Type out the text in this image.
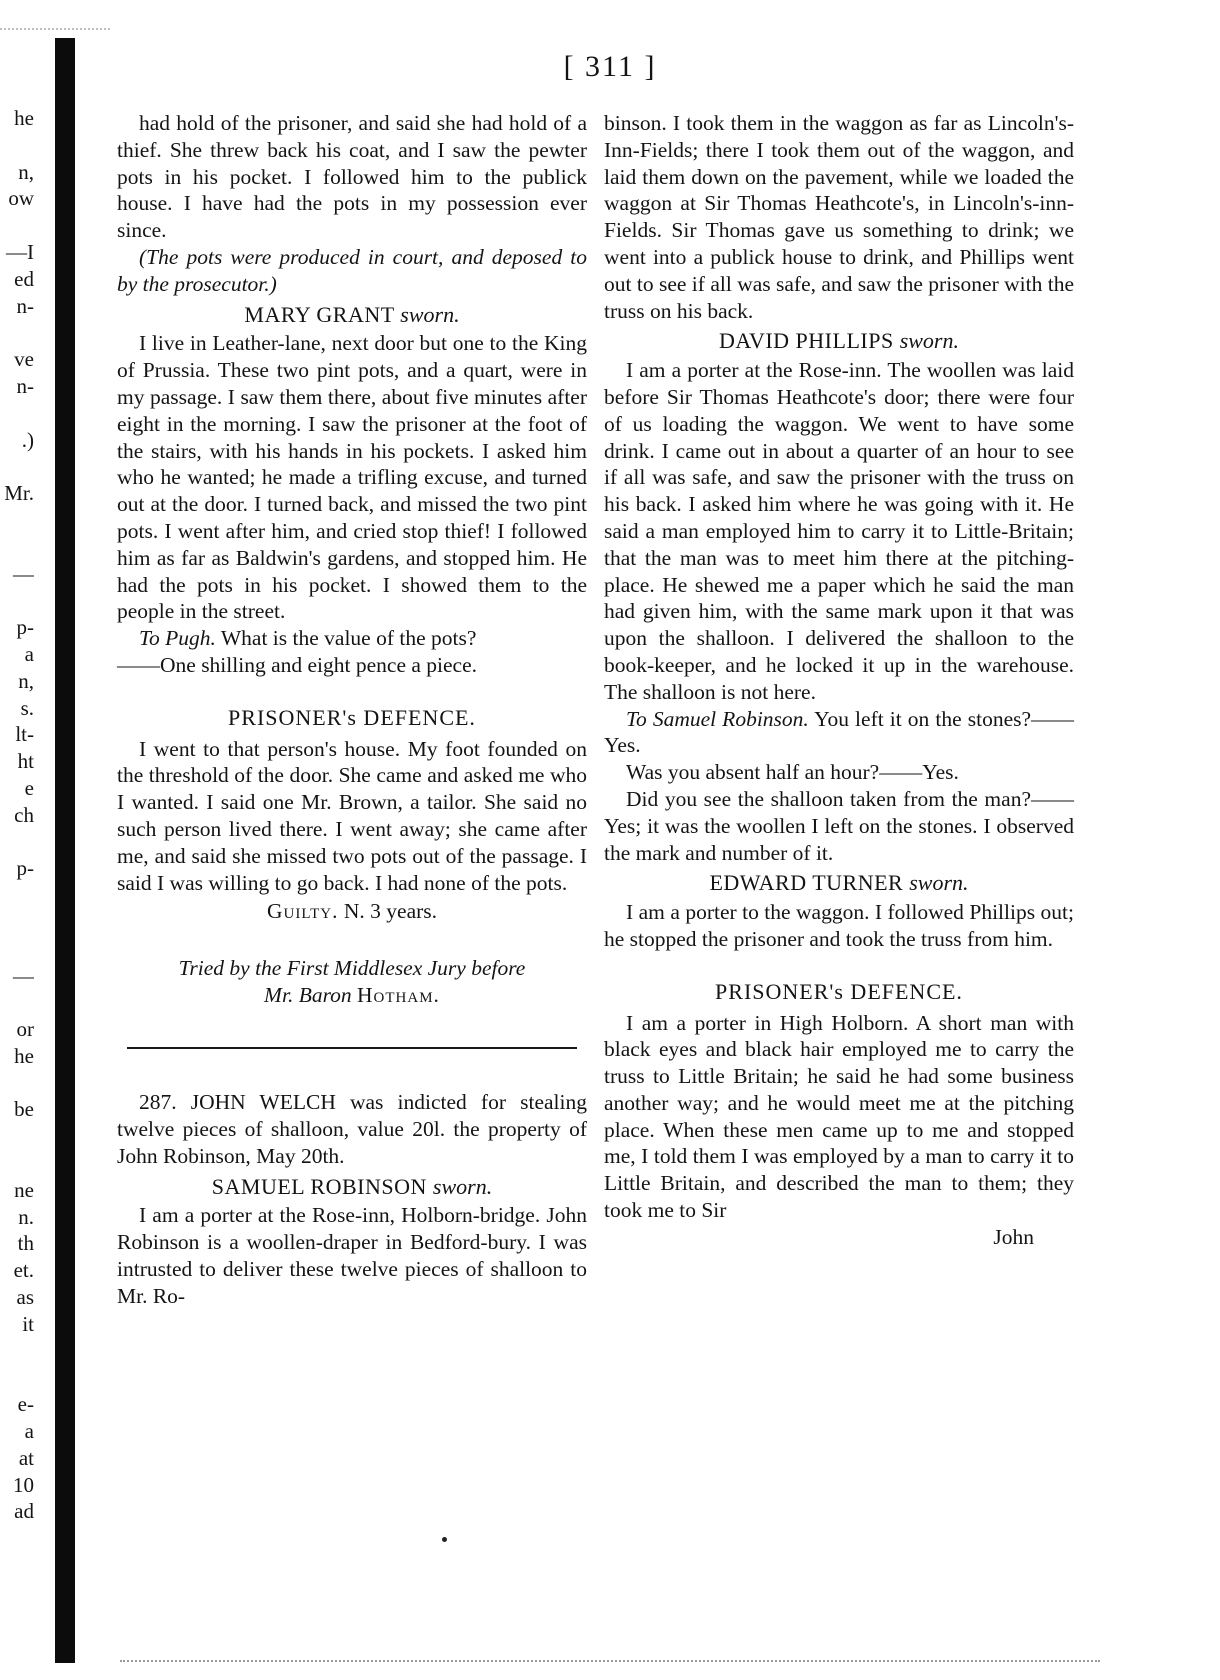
he
n,
ow
—I
ed
n-
ve
n-
.)
Mr.
—
p-
a
n,
s.
lt-
ht
e
ch
p-
—
or
he
be
ne
n.
th
et.
as
it
e-
a
at
10
ad
[ 311 ]

had hold of the prisoner, and said she had hold of a thief. She threw back his coat, and I saw the pewter pots in his pocket. I followed him to the publick house. I have had the pots in my possession ever since.

(The pots were produced in court, and deposed to by the prosecutor.)

MARY GRANT sworn.

I live in Leather-lane, next door but one to the King of Prussia. These two pint pots, and a quart, were in my passage. I saw them there, about five minutes after eight in the morning. I saw the prisoner at the foot of the stairs, with his hands in his pockets. I asked him who he wanted; he made a trifling excuse, and turned out at the door. I turned back, and missed the two pint pots. I went after him, and cried stop thief! I followed him as far as Baldwin's gardens, and stopped him. He had the pots in his pocket. I showed them to the people in the street.

To Pugh. What is the value of the pots?

——One shilling and eight pence a piece.

PRISONER's DEFENCE.

I went to that person's house. My foot founded on the threshold of the door. She came and asked me who I wanted. I said one Mr. Brown, a tailor. She said no such person lived there. I went away; she came after me, and said she missed two pots out of the passage. I said I was willing to go back. I had none of the pots.

Guilty. N. 3 years.
Tried by the First Middlesex Jury before
Mr. Baron Hotham.

287. JOHN WELCH was indicted for stealing twelve pieces of shalloon, value 20l. the property of John Robinson, May 20th.

SAMUEL ROBINSON sworn.

I am a porter at the Rose-inn, Holborn-bridge. John Robinson is a woollen-draper in Bedford-bury. I was intrusted to deliver these twelve pieces of shalloon to Mr. Ro-

binson. I took them in the waggon as far as Lincoln's-Inn-Fields; there I took them out of the waggon, and laid them down on the pavement, while we loaded the waggon at Sir Thomas Heathcote's, in Lincoln's-inn-Fields. Sir Thomas gave us something to drink; we went into a publick house to drink, and Phillips went out to see if all was safe, and saw the prisoner with the truss on his back.

DAVID PHILLIPS sworn.

I am a porter at the Rose-inn. The woollen was laid before Sir Thomas Heathcote's door; there were four of us loading the waggon. We went to have some drink. I came out in about a quarter of an hour to see if all was safe, and saw the prisoner with the truss on his back. I asked him where he was going with it. He said a man employed him to carry it to Little-Britain; that the man was to meet him there at the pitching-place. He shewed me a paper which he said the man had given him, with the same mark upon it that was upon the shalloon. I delivered the shalloon to the book-keeper, and he locked it up in the warehouse. The shalloon is not here.

To Samuel Robinson. You left it on the stones?——Yes.

Was you absent half an hour?——Yes.

Did you see the shalloon taken from the man?——Yes; it was the woollen I left on the stones. I observed the mark and number of it.

EDWARD TURNER sworn.

I am a porter to the waggon. I followed Phillips out; he stopped the prisoner and took the truss from him.

PRISONER's DEFENCE.

I am a porter in High Holborn. A short man with black eyes and black hair employed me to carry the truss to Little Britain; he said he had some business another way; and he would meet me at the pitching place. When these men came up to me and stopped me, I told them I was employed by a man to carry it to Little Britain, and described the man to them; they took me to Sir

John
